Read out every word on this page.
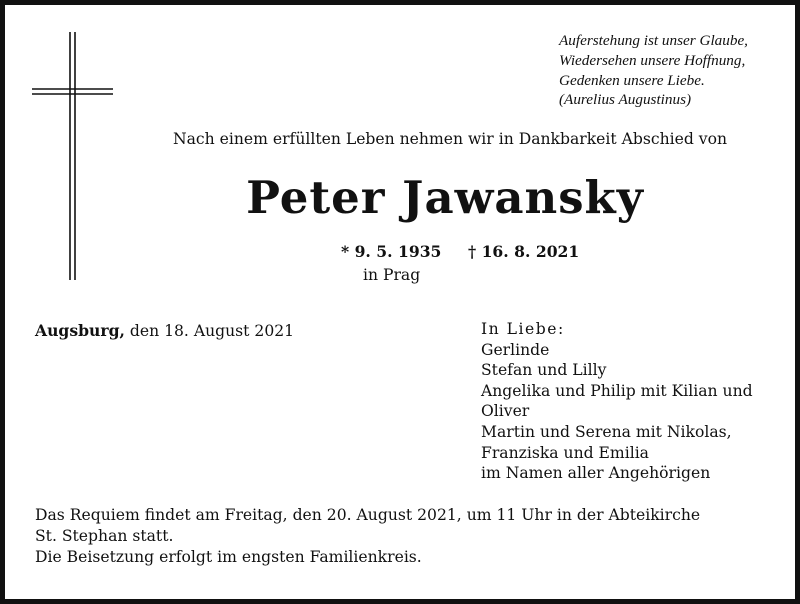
Auferstehung ist unser Glaube,
Wiedersehen unsere Hoffnung,
Gedenken unsere Liebe.
(Aurelius Augustinus)
Nach einem erfüllten Leben nehmen wir in Dankbarkeit Abschied von
Peter Jawansky
* 9. 5. 1935 † 16. 8. 2021
in Prag
Augsburg, den 18. August 2021	In Liebe:
Gerlinde
Stefan und Lilly
Angelika und Philip mit Kilian und
Oliver
Martin und Serena mit Nikolas,
Franziska und Emilia
im Namen aller Angehörigen
Das Requiem findet am Freitag, den 20. August 2021, um 11 Uhr in der Abteikirche
St. Stephan statt.
Die Beisetzung erfolgt im engsten Familienkreis.
